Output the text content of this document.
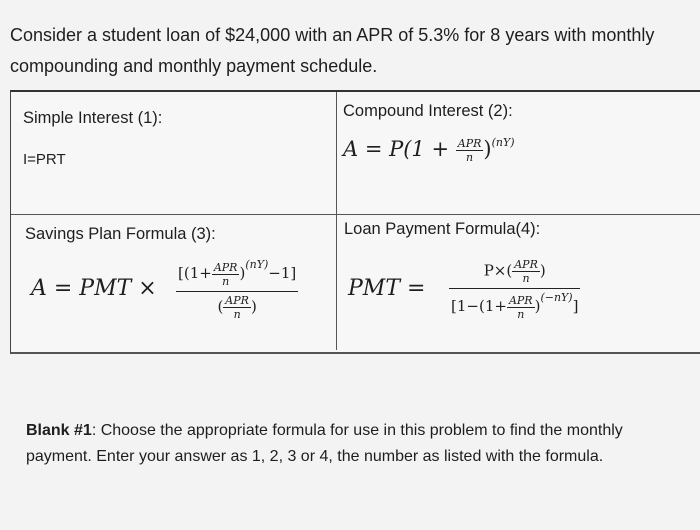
Consider a student loan of $24,000 with an APR of 5.3% for 8 years with monthly compounding and monthly payment schedule.
Simple Interest (1):
I=PRT
Compound Interest (2):
$A = P(1 + \frac{\text{APR}}{n} )^{(nY)}$
Savings Plan Formula (3):
A = PMT × $\frac{[(1+ \frac{\text{APR}}{n} )^{(nY)}-1]}{( \frac{\text{APR}}{n} )}$
Loan Payment Formula(4):
PMT = $\frac{P\times( \frac{\text{APR}}{n} )}{[1-(1+ \frac{\text{APR}}{n} )^{(-nY)}]}$
Blank #1: Choose the appropriate formula for use in this problem to find the monthly payment. Enter your answer as 1, 2, 3 or 4, the number as listed with the formula.
